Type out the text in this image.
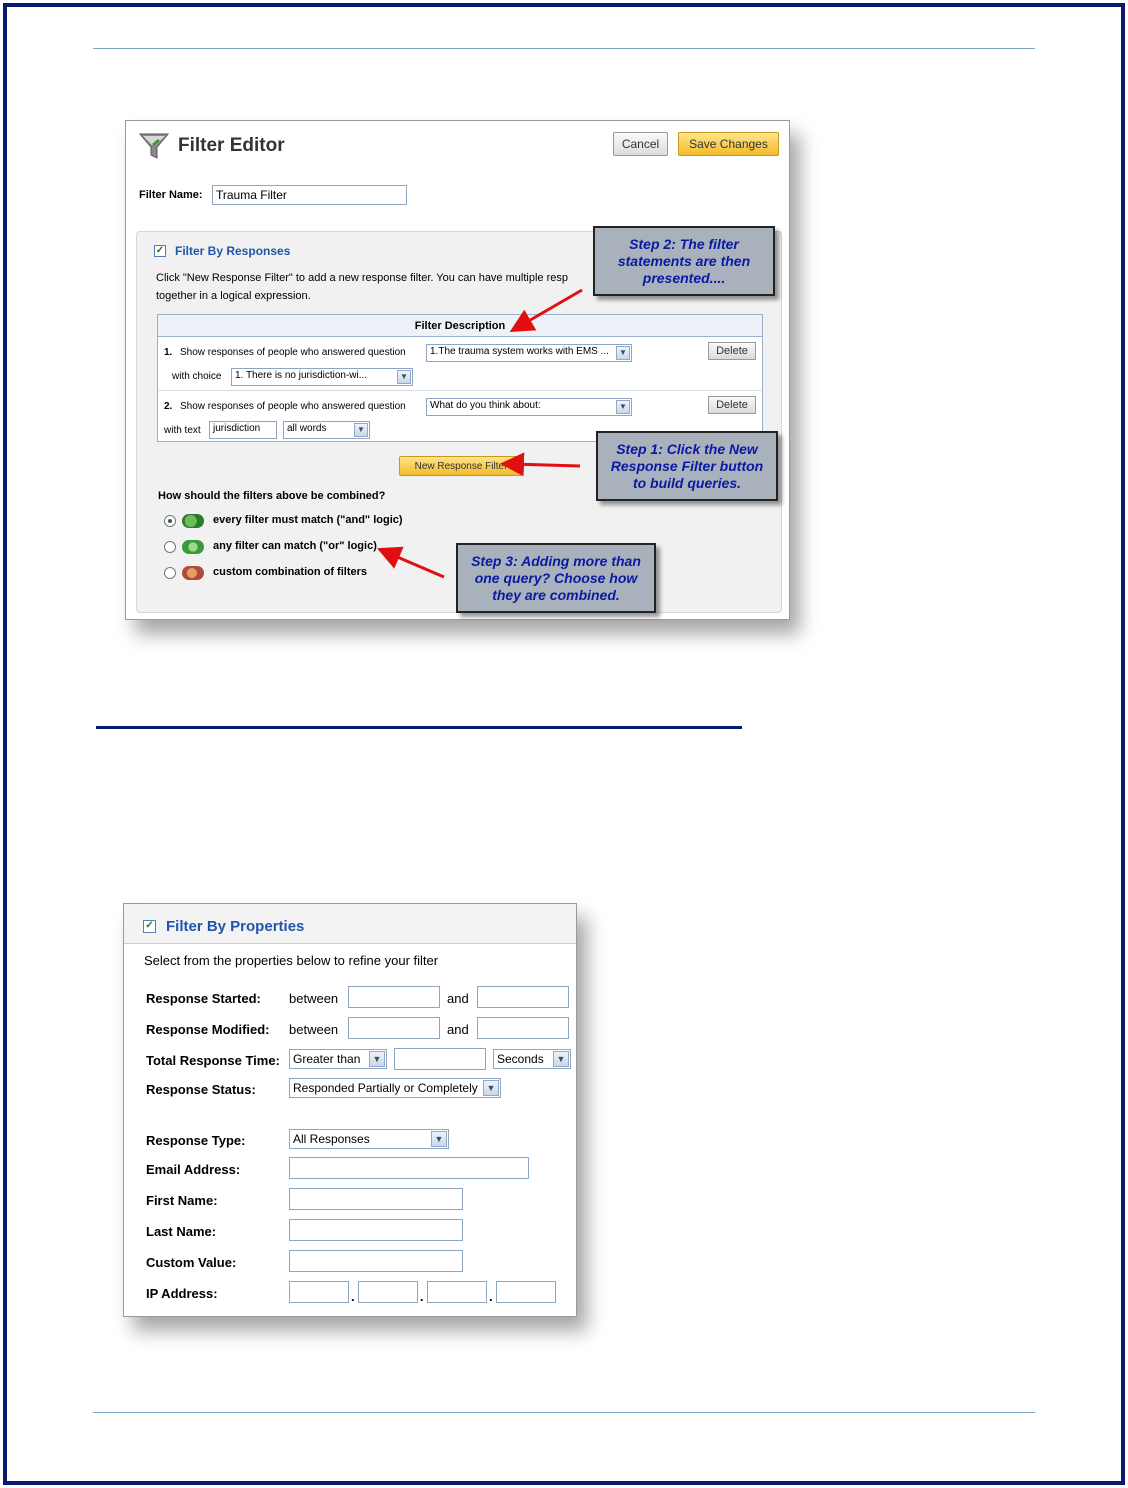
Filter Editor	Cancel	Save Changes
Filter Name:	Trauma Filter
✓ Filter By Responses
Click "New Response Filter" to add a new response filter. You can have multiple resp
together in a logical expression.
Filter Description
1. Show responses of people who answered question	1.The trauma system works with EMS ...	▼	Delete
with choice	1. There is no jurisdiction-wi...	▼
2. Show responses of people who answered question	What do you think about:	▼	Delete
with text	jurisdiction	all words	▼
New Response Filter
How should the filters above be combined?
every filter must match ("and" logic)
any filter can match ("or" logic)
custom combination of filters
Step 2: The filter statements are then presented....
Step 1: Click the New Response Filter button to build queries.
Step 3: Adding more than one query? Choose how they are combined.
✓ Filter By Properties
Select from the properties below to refine your filter
Response Started: between	and
Response Modified: between	and
Total Response Time:	Greater than	▼	Seconds	▼
Response Status:	Responded Partially or Completely ▼
Response Type:	All Responses	▼
Email Address:
First Name:
Last Name:
Custom Value:
IP Address:	.	.	.
